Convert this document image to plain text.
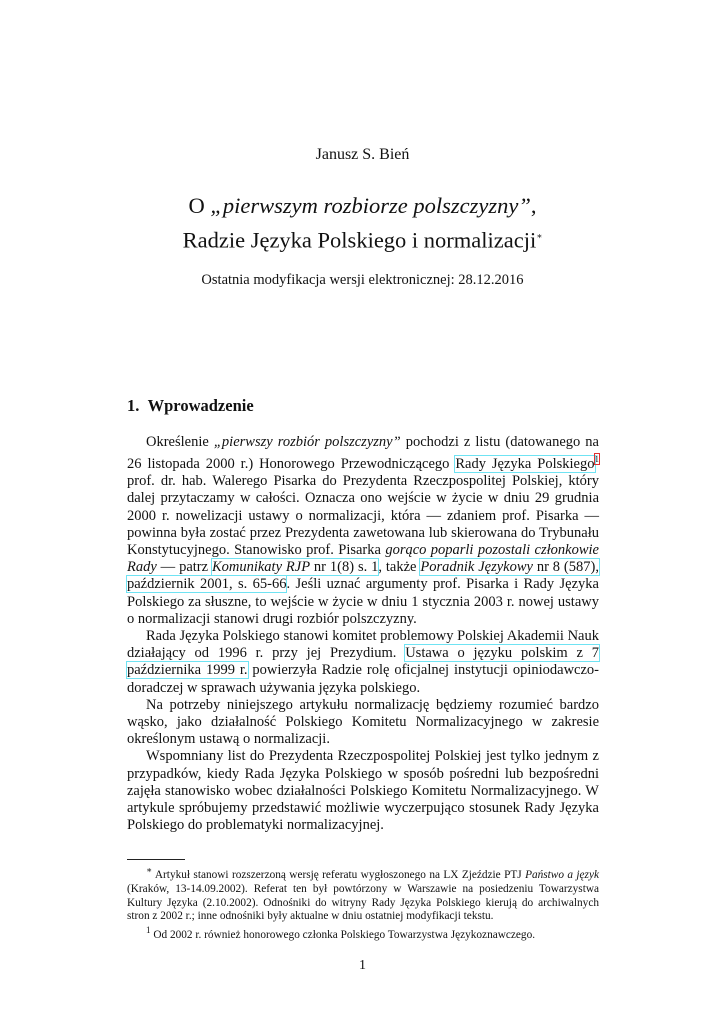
Janusz S. Bień
O „pierwszym rozbiorze polszczyzny”,
Radzie Języka Polskiego i normalizacji∗
Ostatnia modyfikacja wersji elektronicznej: 28.12.2016
1. Wprowadzenie

Określenie „pierwszy rozbiór polszczyzny” pochodzi z listu (datowanego na 26 listopada 2000 r.) Honorowego Przewodniczącego Rady Języka Polskiego$^1$ prof. dr. hab. Walerego Pisarka do Prezydenta Rzeczpospolitej Polskiej, który dalej przytaczamy w całości. Oznacza ono wejście w życie w dniu 29 grudnia 2000 r. nowelizacji ustawy o normalizacji, która — zdaniem prof. Pisarka — powinna była zostać przez Prezydenta zawetowana lub skierowana do Trybunału Konstytucyjnego. Stanowisko prof. Pisarka gorąco poparli pozostali członkowie Rady — patrz Komunikaty RJP nr 1(8) s. 1, także Poradnik Językowy nr 8 (587), październik 2001, s. 65-66. Jeśli uznać argumenty prof. Pisarka i Rady Języka Polskiego za słuszne, to wejście w życie w dniu 1 stycznia 2003 r. nowej ustawy o normalizacji stanowi drugi rozbiór polszczyzny.

Rada Języka Polskiego stanowi komitet problemowy Polskiej Akademii Nauk działający od 1996 r. przy jej Prezydium. Ustawa o języku polskim z 7 października 1999 r. powierzyła Radzie rolę oficjalnej instytucji opiniodawczo-doradczej w sprawach używania języka polskiego.

Na potrzeby niniejszego artykułu normalizację będziemy rozumieć bardzo wąsko, jako działalność Polskiego Komitetu Normalizacyjnego w zakresie określonym ustawą o normalizacji.

Wspomniany list do Prezydenta Rzeczpospolitej Polskiej jest tylko jednym z przypadków, kiedy Rada Języka Polskiego w sposób pośredni lub bezpośredni zajęła stanowisko wobec działalności Polskiego Komitetu Normalizacyjnego. W artykule spróbujemy przedstawić możliwie wyczerpująco stosunek Rady Języka Polskiego do problematyki normalizacyjnej.

∗ Artykuł stanowi rozszerzoną wersję referatu wygłoszonego na LX Zjeździe PTJ Państwo a język (Kraków, 13-14.09.2002). Referat ten był powtórzony w Warszawie na posiedzeniu Towarzystwa Kultury Języka (2.10.2002). Odnośniki do witryny Rady Języka Polskiego kierują do archiwalnych stron z 2002 r.; inne odnośniki były aktualne w dniu ostatniej modyfikacji tekstu.

$^1$ Od 2002 r. również honorowego członka Polskiego Towarzystwa Językoznawczego.

1
